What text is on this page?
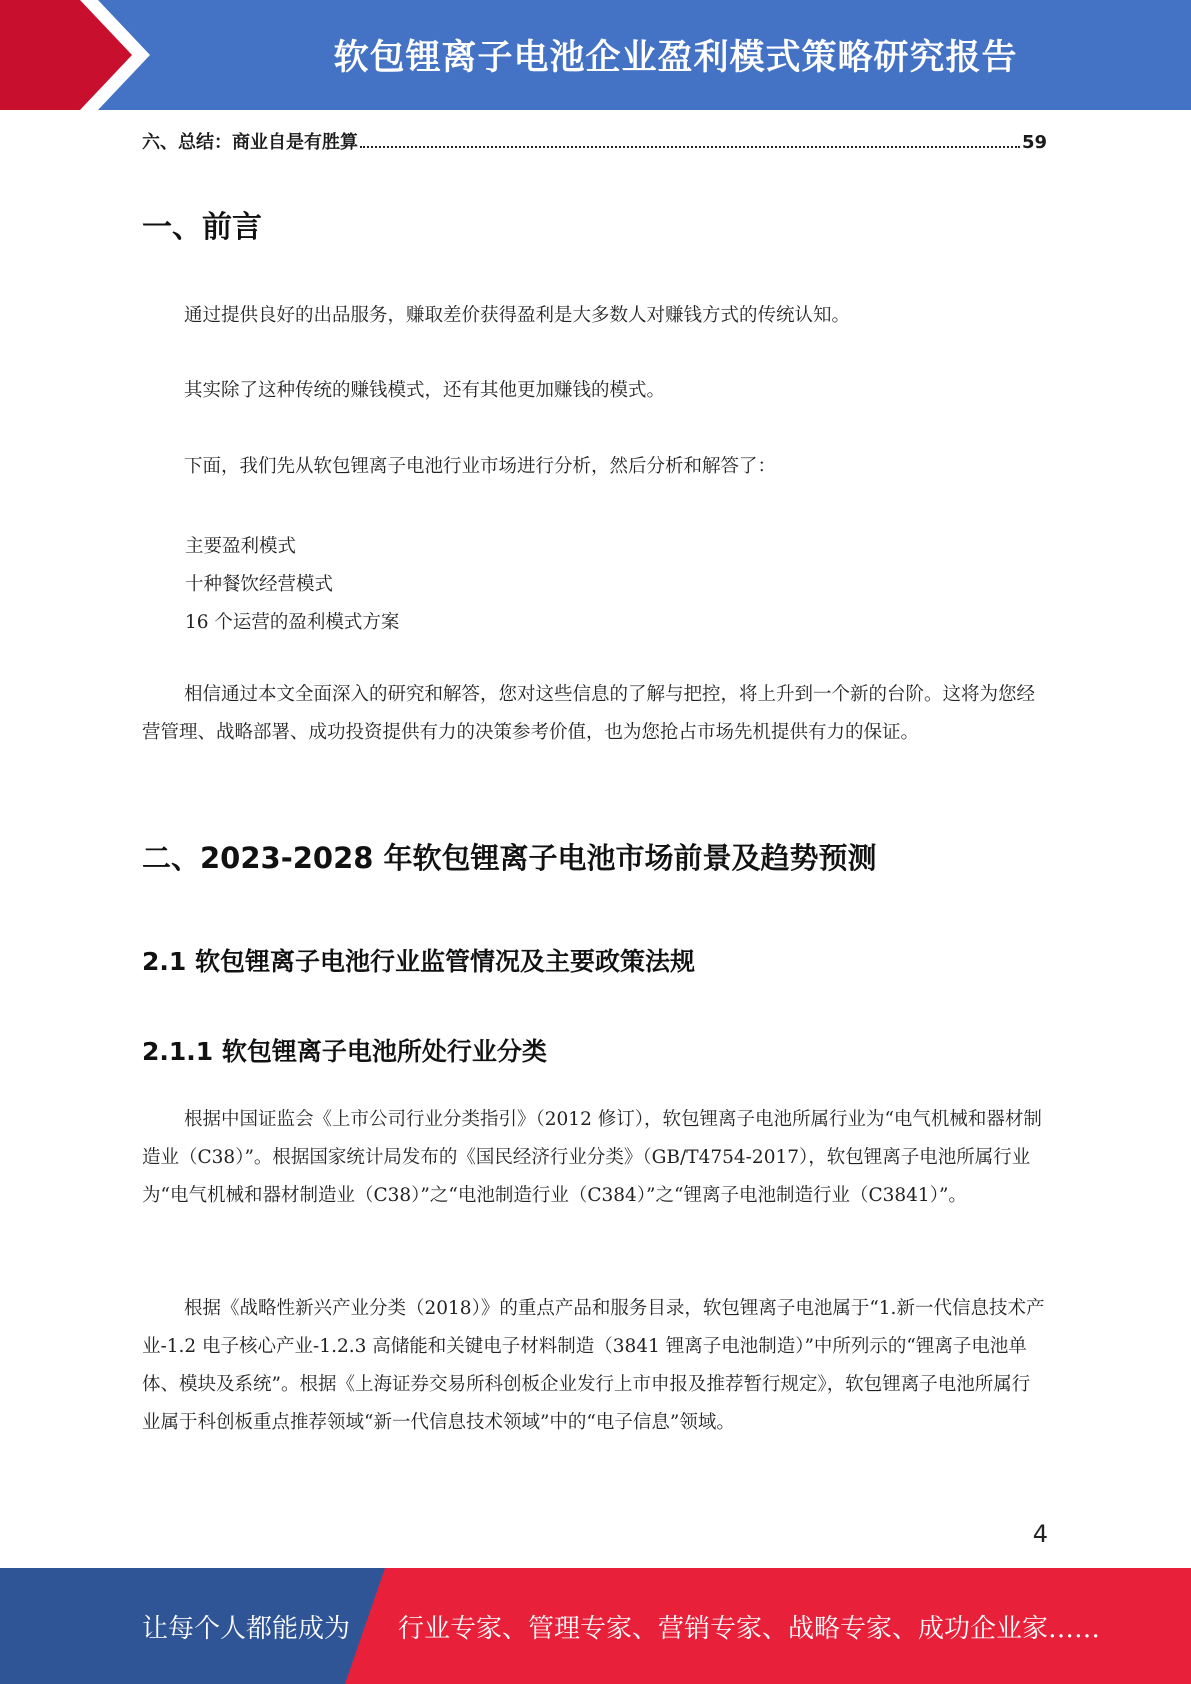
软包锂离子电池企业盈利模式策略研究报告
六、总结：商业自是有胜算	59
一、前言
通过提供良好的出品服务，赚取差价获得盈利是大多数人对赚钱方式的传统认知。
其实除了这种传统的赚钱模式，还有其他更加赚钱的模式。
下面，我们先从软包锂离子电池行业市场进行分析，然后分析和解答了：
主要盈利模式
十种餐饮经营模式
16 个运营的盈利模式方案
相信通过本文全面深入的研究和解答，您对这些信息的了解与把控，将上升到一个新的台阶。这将为您经营管理、战略部署、成功投资提供有力的决策参考价值，也为您抢占市场先机提供有力的保证。
二、2023-2028 年软包锂离子电池市场前景及趋势预测
2.1 软包锂离子电池行业监管情况及主要政策法规
2.1.1 软包锂离子电池所处行业分类
根据中国证监会《上市公司行业分类指引》（2012 修订），软包锂离子电池所属行业为“电气机械和器材制造业（C38）”。根据国家统计局发布的《国民经济行业分类》（GB/T4754-2017），软包锂离子电池所属行业为“电气机械和器材制造业（C38）”之“电池制造行业（C384）”之“锂离子电池制造行业（C3841）”。
根据《战略性新兴产业分类（2018）》的重点产品和服务目录，软包锂离子电池属于“1.新一代信息技术产业-1.2 电子核心产业-1.2.3 高储能和关键电子材料制造（3841 锂离子电池制造）”中所列示的“锂离子电池单体、模块及系统”。根据《上海证券交易所科创板企业发行上市申报及推荐暂行规定》，软包锂离子电池所属行业属于科创板重点推荐领域“新一代信息技术领域”中的“电子信息”领域。
4
让每个人都能成为 行业专家、管理专家、营销专家、战略专家、成功企业家……
